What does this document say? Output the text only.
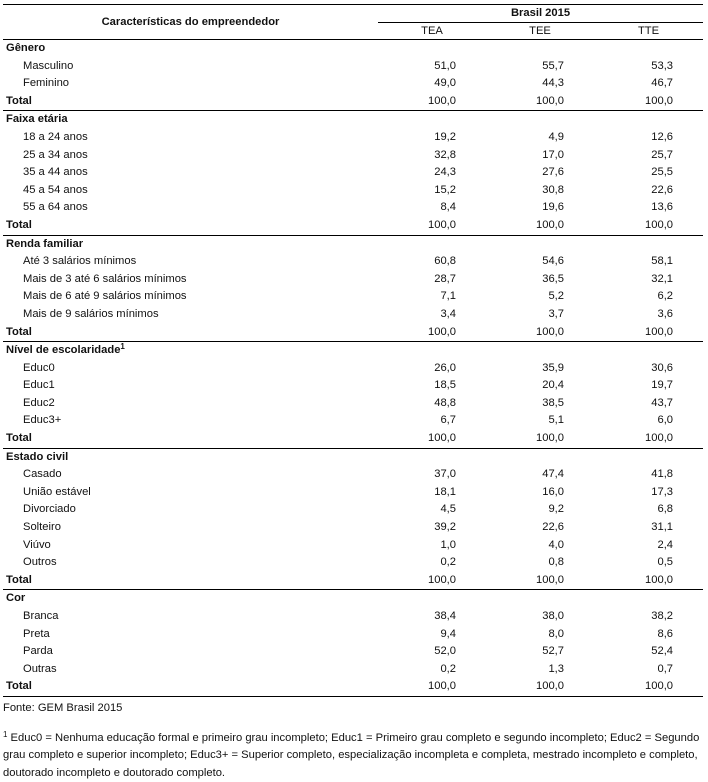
Características do empreendedor	Brasil 2015		
	TEA	TEE	TTE
Gênero			
Masculino	51,0	55,7	53,3
Feminino	49,0	44,3	46,7
Total	100,0	100,0	100,0
Faixa etária			
18 a 24 anos	19,2	4,9	12,6
25 a 34 anos	32,8	17,0	25,7
35 a 44 anos	24,3	27,6	25,5
45 a 54 anos	15,2	30,8	22,6
55 a 64 anos	8,4	19,6	13,6
Total	100,0	100,0	100,0
Renda familiar			
Até 3 salários mínimos	60,8	54,6	58,1
Mais de 3 até 6 salários mínimos	28,7	36,5	32,1
Mais de 6 até 9 salários mínimos	7,1	5,2	6,2
Mais de 9 salários mínimos	3,4	3,7	3,6
Total	100,0	100,0	100,0
Nível de escolaridade$^1$
Educ0	26,0	35,9	30,6
Educ1	18,5	20,4	19,7
Educ2	48,8	38,5	43,7
Educ3+	6,7	5,1	6,0
Total	100,0	100,0	100,0
Estado civil			
Casado	37,0	47,4	41,8
União estável	18,1	16,0	17,3
Divorciado	4,5	9,2	6,8
Solteiro	39,2	22,6	31,1
Viúvo	1,0	4,0	2,4
Outros	0,2	0,8	0,5
Total	100,0	100,0	100,0
Cor			
Branca	38,4	38,0	38,2
Preta	9,4	8,0	8,6
Parda	52,0	52,7	52,4
Outras	0,2	1,3	0,7
Total	100,0	100,0	100,0
Fonte: GEM Brasil 2015
$^1$ Educ0 = Nenhuma educação formal e primeiro grau incompleto; Educ1 = Primeiro grau completo e segundo incompleto; Educ2 = Segundo grau completo e superior incompleto; Educ3+ = Superior completo, especialização incompleta e completa, mestrado incompleto e completo, doutorado incompleto e doutorado completo.
